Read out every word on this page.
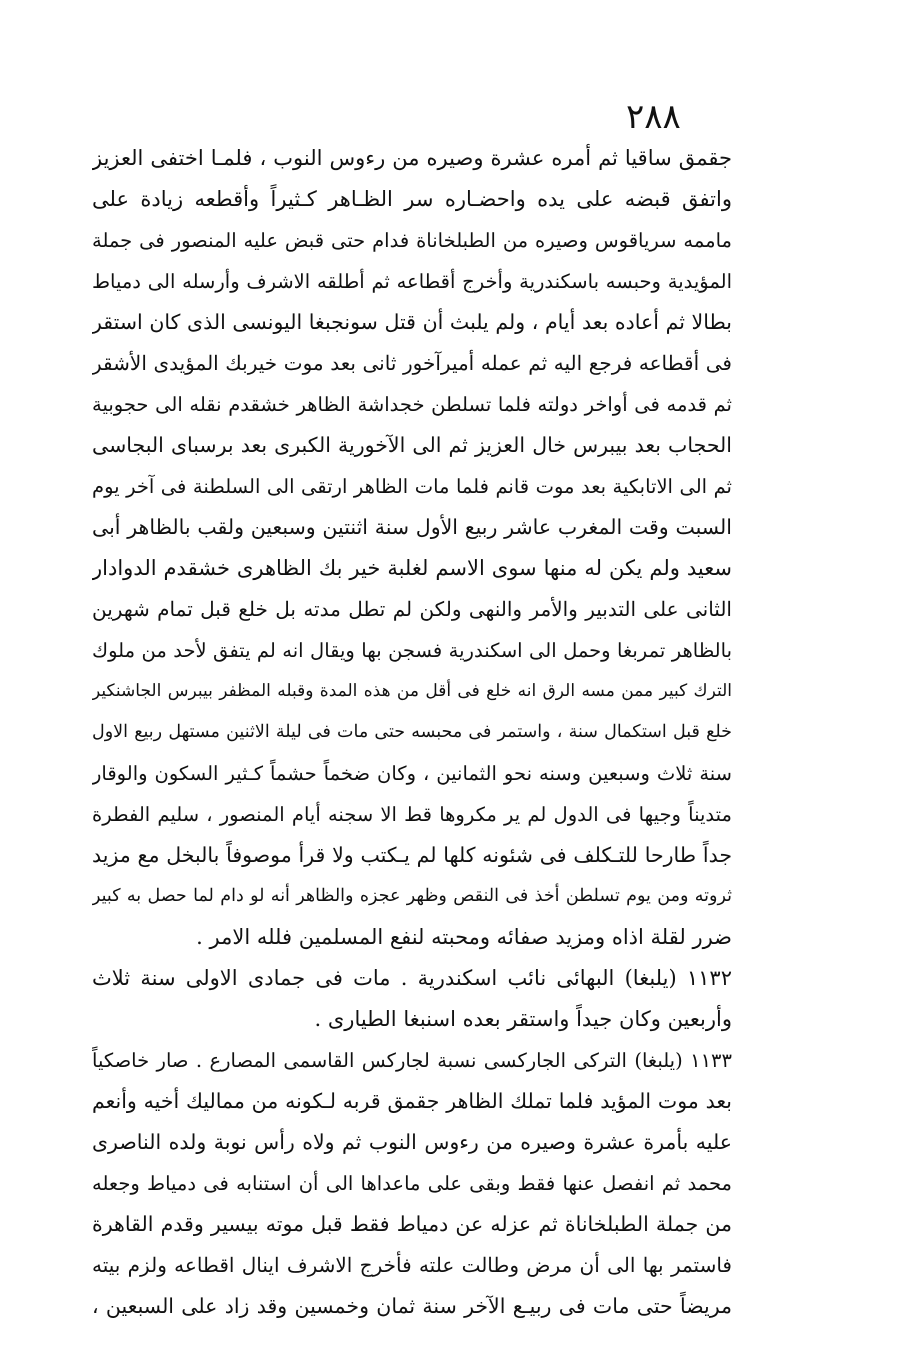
٢٨٨
جقمق ساقيا ثم أمره عشرة وصيره من رءوس النوب ، فلمـا اختفى العزيز
واتفق قبضه على يده واحضـاره سر الظـاهر كـثيراً وأقطعه زيادة على
ماممه سرياقوس وصيره من الطبلخاناة فدام حتى قبض عليه المنصور فى جملة
المؤيدية وحبسه باسكندرية وأخرج أقطاعه ثم أطلقه الاشرف وأرسله الى دمياط
بطالا ثم أعاده بعد أيام ، ولم يلبث أن قتل سونجبغا اليونسى الذى كان استقر
فى أقطاعه فرجع اليه ثم عمله أميرآخور ثانى بعد موت خيربك المؤيدى الأشقر
ثم قدمه فى أواخر دولته فلما تسلطن خجداشة الظاهر خشقدم نقله الى حجوبية
الحجاب بعد بيبرس خال العزيز ثم الى الآخورية الكبرى بعد برسباى البجاسى
ثم الى الاتابكية بعد موت قانم فلما مات الظاهر ارتقى الى السلطنة فى آخر يوم
السبت وقت المغرب عاشر ربيع الأول سنة اثنتين وسبعين ولقب بالظاهر أبى
سعيد ولم يكن له منها سوى الاسم لغلبة خير بك الظاهرى خشقدم الدوادار
الثانى على التدبير والأمر والنهى ولكن لم تطل مدته بل خلع قبل تمام شهرين
بالظاهر تمربغا وحمل الى اسكندرية فسجن بها ويقال انه لم يتفق لأحد من ملوك
الترك كبير ممن مسه الرق انه خلع فى أقل من هذه المدة وقبله المظفر بيبرس الجاشنكير
خلع قبل استكمال سنة ، واستمر فى محبسه حتى مات فى ليلة الاثنين مستهل ربيع الاول
سنة ثلاث وسبعين وسنه نحو الثمانين ، وكان ضخماً حشماً كـثير السكون والوقار
متديناً وجيها فى الدول لم ير مكروها قط الا سجنه أيام المنصور ، سليم الفطرة
جداً طارحا للتـكلف فى شئونه كلها لم يـكتب ولا قرأ موصوفاً بالبخل مع مزيد
ثروته ومن يوم تسلطن أخذ فى النقص وظهر عجزه والظاهر أنه لو دام لما حصل به كبير
ضرر لقلة اذاه ومزيد صفائه ومحبته لنفع المسلمين فلله الامر .
١١٣٢ (يلبغا) البهائى نائب اسكندرية . مات فى جمادى الاولى سنة ثلاث
وأربعين وكان جيداً واستقر بعده اسنبغا الطيارى .
١١٣٣ (يلبغا) التركى الجاركسى نسبة لجاركس القاسمى المصارع . صار خاصكياً
بعد موت المؤيد فلما تملك الظاهر جقمق قربه لـكونه من مماليك أخيه وأنعم
عليه بأمرة عشرة وصيره من رءوس النوب ثم ولاه رأس نوبة ولده الناصرى
محمد ثم انفصل عنها فقط وبقى على ماعداها الى أن استنابه فى دمياط وجعله
من جملة الطبلخاناة ثم عزله عن دمياط فقط قبل موته بيسير وقدم القاهرة
فاستمر بها الى أن مرض وطالت علته فأخرج الاشرف اينال اقطاعه ولزم بيته
مريضاً حتى مات فى ربيـع الآخر سنة ثمان وخمسين وقد زاد على السبعين ،
